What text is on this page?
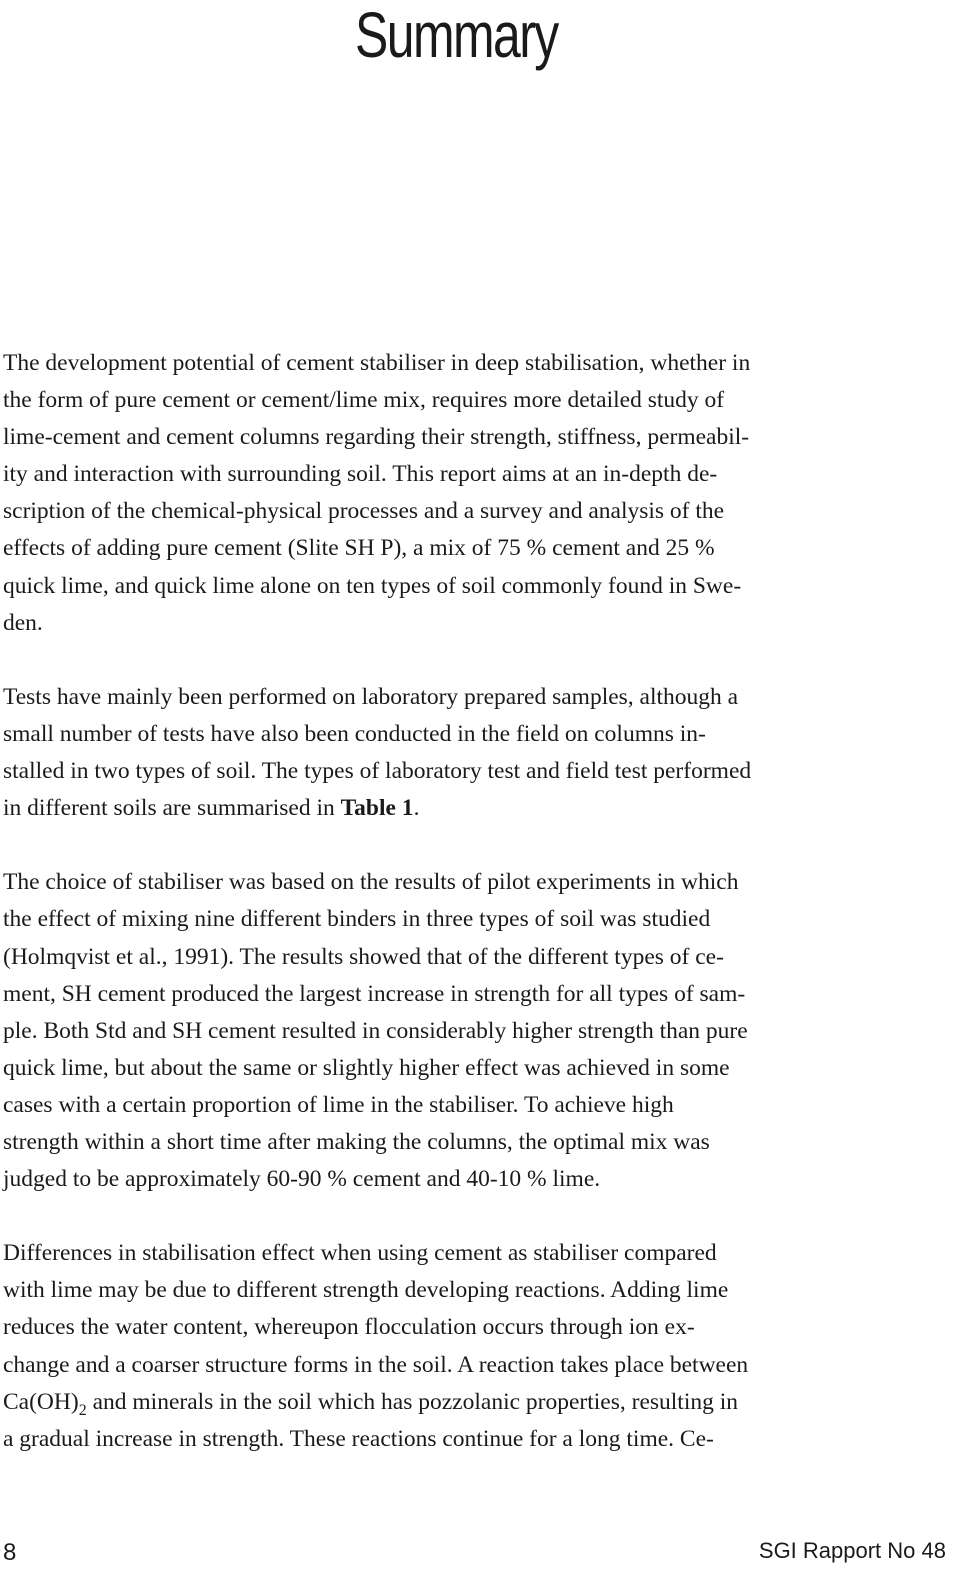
Summary

The development potential of cement stabiliser in deep stabilisation, whether in
the form of pure cement or cement/lime mix, requires more detailed study of
lime-cement and cement columns regarding their strength, stiffness, permeabil-
ity and interaction with surrounding soil. This report aims at an in-depth de-
scription of the chemical-physical processes and a survey and analysis of the
effects of adding pure cement (Slite SH P), a mix of 75 % cement and 25 %
quick lime, and quick lime alone on ten types of soil commonly found in Swe-
den.

Tests have mainly been performed on laboratory prepared samples, although a
small number of tests have also been conducted in the field on columns in-
stalled in two types of soil. The types of laboratory test and field test performed
in different soils are summarised in Table 1.

The choice of stabiliser was based on the results of pilot experiments in which
the effect of mixing nine different binders in three types of soil was studied
(Holmqvist et al., 1991). The results showed that of the different types of ce-
ment, SH cement produced the largest increase in strength for all types of sam-
ple. Both Std and SH cement resulted in considerably higher strength than pure
quick lime, but about the same or slightly higher effect was achieved in some
cases with a certain proportion of lime in the stabiliser. To achieve high
strength within a short time after making the columns, the optimal mix was
judged to be approximately 60-90 % cement and 40-10 % lime.

Differences in stabilisation effect when using cement as stabiliser compared
with lime may be due to different strength developing reactions. Adding lime
reduces the water content, whereupon flocculation occurs through ion ex-
change and a coarser structure forms in the soil. A reaction takes place between
$Ca(OH)_2$ and minerals in the soil which has pozzolanic properties, resulting in
a gradual increase in strength. These reactions continue for a long time. Ce-

8	SGI Rapport No 48
